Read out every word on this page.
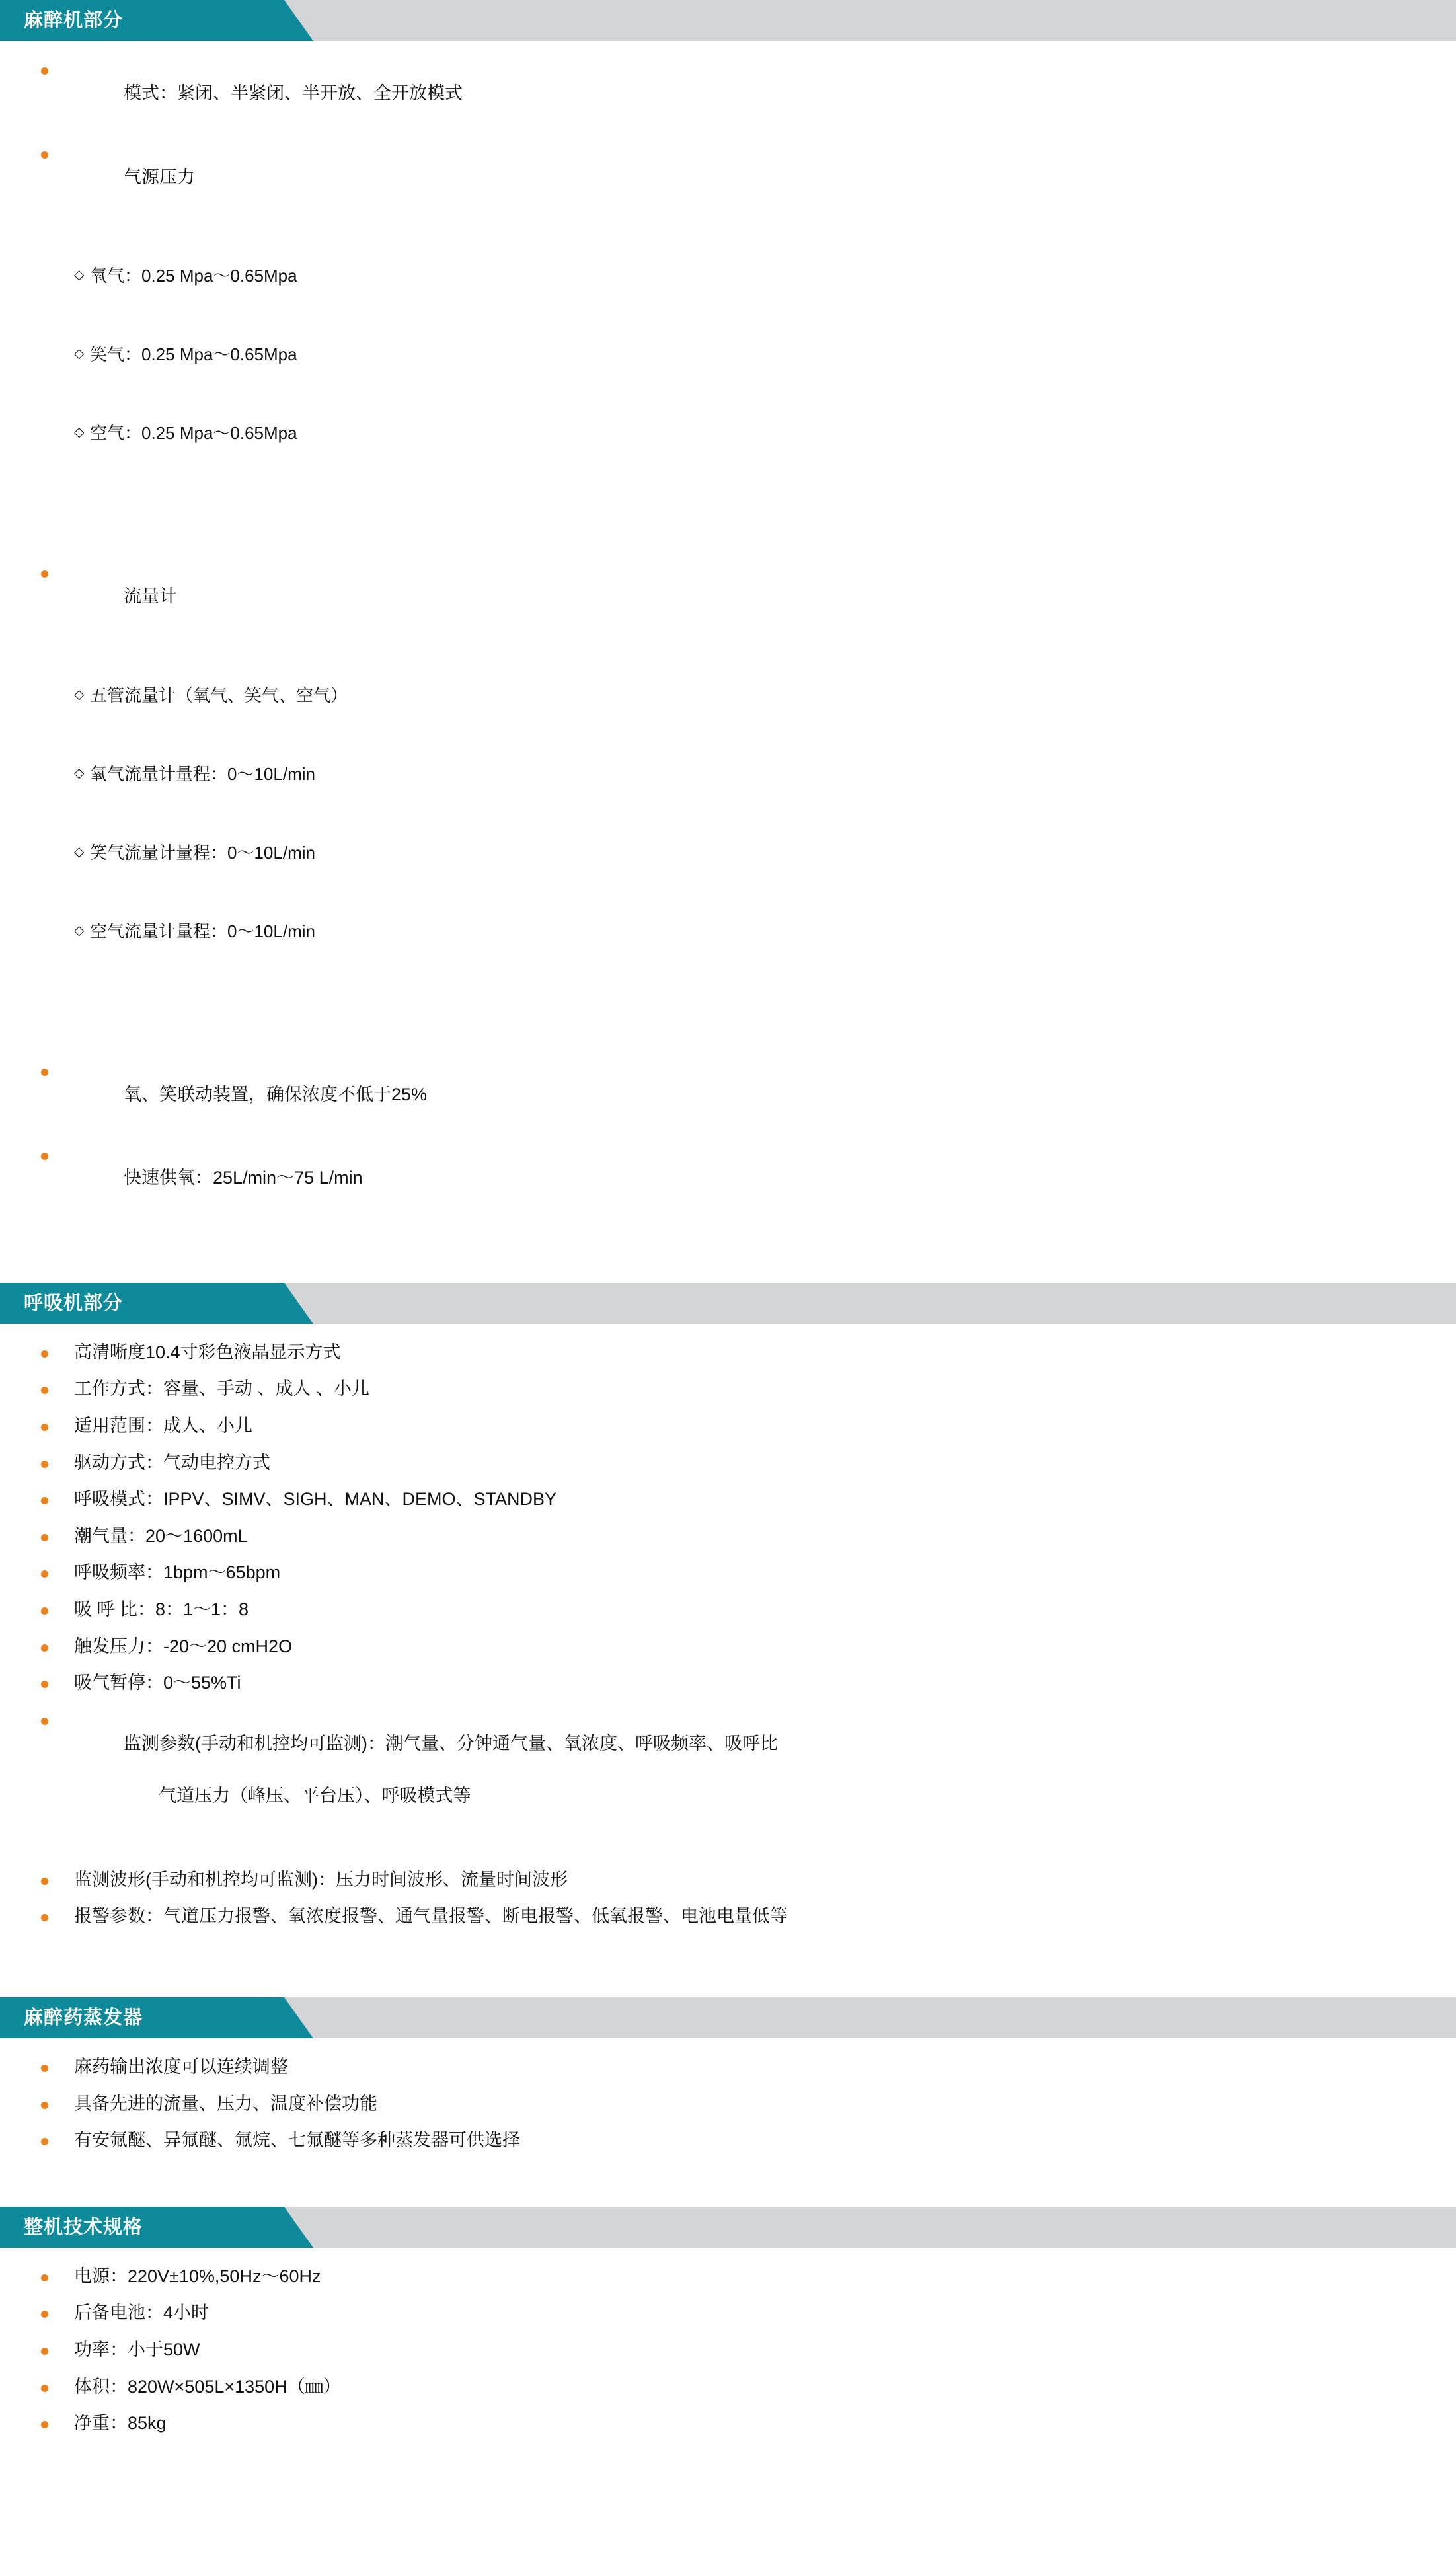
麻醉机部分

模式：紧闭、半紧闭、半开放、全开放模式

气源压力

◇ 氧气：0.25 Mpa～0.65Mpa

◇ 笑气：0.25 Mpa～0.65Mpa

◇ 空气：0.25 Mpa～0.65Mpa

流量计

◇ 五管流量计（氧气、笑气、空气）

◇ 氧气流量计量程：0～10L/min

◇ 笑气流量计量程：0～10L/min

◇ 空气流量计量程：0～10L/min

氧、笑联动装置，确保浓度不低于25%

快速供氧：25L/min～75 L/min

呼吸机部分
高清晰度10.4寸彩色液晶显示方式
工作方式：容量、手动 、成人 、小儿
适用范围：成人、小儿
驱动方式：气动电控方式
呼吸模式：IPPV、SIMV、SIGH、MAN、DEMO、STANDBY
潮气量：20～1600mL
呼吸频率：1bpm～65bpm
吸 呼 比：8：1～1：8
触发压力：-20～20 cmH2O
吸气暂停：0～55%Ti

监测参数(手动和机控均可监测)：潮气量、分钟通气量、氧浓度、呼吸频率、吸呼比

气道压力（峰压、平台压）、呼吸模式等

监测波形(手动和机控均可监测)：压力时间波形、流量时间波形
报警参数：气道压力报警、氧浓度报警、通气量报警、断电报警、低氧报警、电池电量低等
麻醉药蒸发器
麻药输出浓度可以连续调整
具备先进的流量、压力、温度补偿功能
有安氟醚、异氟醚、氟烷、七氟醚等多种蒸发器可供选择
整机技术规格
电源：220V±10%,50Hz～60Hz
后备电池：4小时
功率：小于50W
体积：820W×505L×1350H（㎜）
净重：85kg
